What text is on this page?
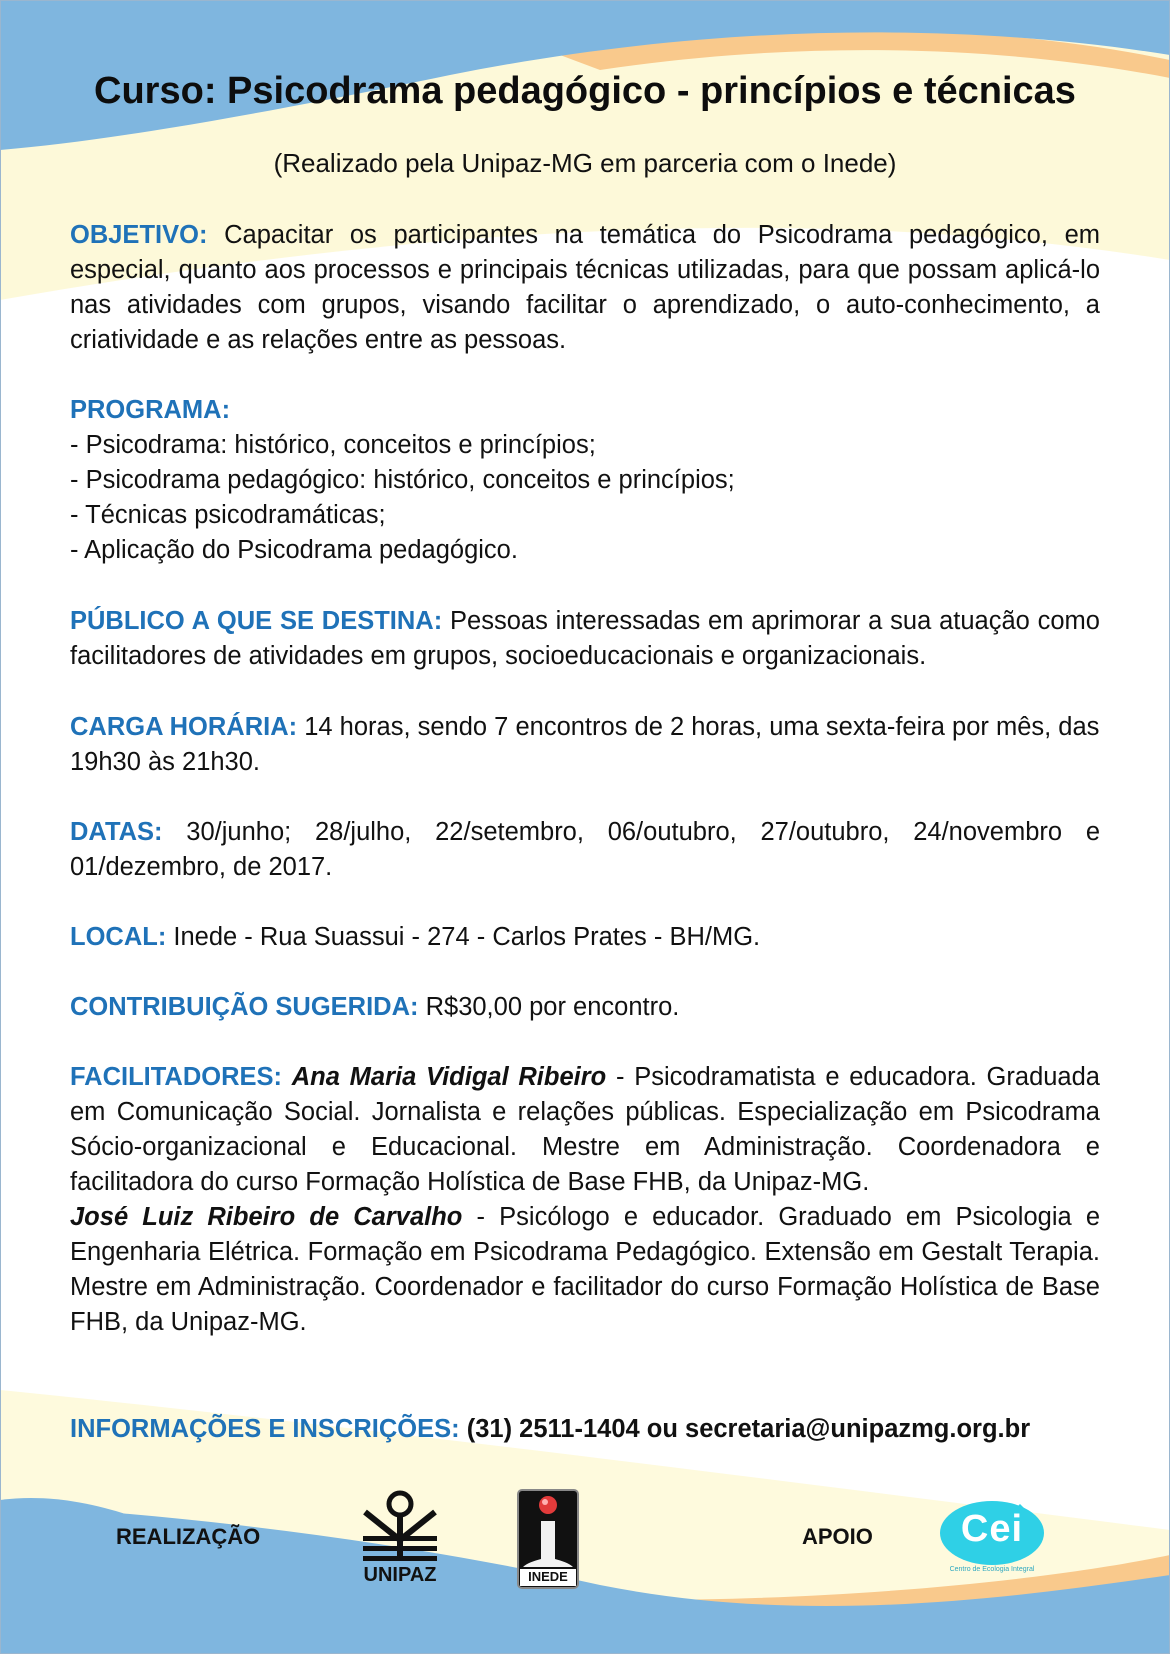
Curso: Psicodrama pedagógico - princípios e técnicas
(Realizado pela Unipaz-MG em parceria com o Inede)
OBJETIVO: Capacitar os participantes na temática do Psicodrama pedagógico, em especial, quanto aos processos e principais técnicas utilizadas, para que possam aplicá-lo nas atividades com grupos, visando facilitar o aprendizado, o auto-conhecimento, a criatividade e as relações entre as pessoas.
PROGRAMA:
- Psicodrama: histórico, conceitos e princípios;
- Psicodrama pedagógico: histórico, conceitos e princípios;
- Técnicas psicodramáticas;
- Aplicação do Psicodrama pedagógico.
PÚBLICO A QUE SE DESTINA: Pessoas interessadas em aprimorar a sua atuação como facilitadores de atividades em grupos, socioeducacionais e organizacionais.
CARGA HORÁRIA: 14 horas, sendo 7 encontros de 2 horas, uma sexta-feira por mês, das 19h30 às 21h30.
DATAS: 30/junho; 28/julho, 22/setembro, 06/outubro, 27/outubro, 24/novembro e 01/dezembro, de 2017.
LOCAL: Inede - Rua Suassui - 274 - Carlos Prates - BH/MG.
CONTRIBUIÇÃO SUGERIDA: R$30,00 por encontro.
FACILITADORES: Ana Maria Vidigal Ribeiro - Psicodramatista e educadora. Graduada em Comunicação Social. Jornalista e relações públicas. Especialização em Psicodrama Sócio-organizacional e Educacional. Mestre em Administração. Coordenadora e facilitadora do curso Formação Holística de Base FHB, da Unipaz-MG.
José Luiz Ribeiro de Carvalho - Psicólogo e educador. Graduado em Psicologia e Engenharia Elétrica. Formação em Psicodrama Pedagógico. Extensão em Gestalt Terapia. Mestre em Administração. Coordenador e facilitador do curso Formação Holística de Base FHB, da Unipaz-MG.
INFORMAÇÕES E INSCRIÇÕES: (31) 2511-1404 ou secretaria@unipazmg.org.br
REALIZAÇÃO
UNIPAZ	INEDE
APOIO	Cei
Centro de Ecologia Integral
